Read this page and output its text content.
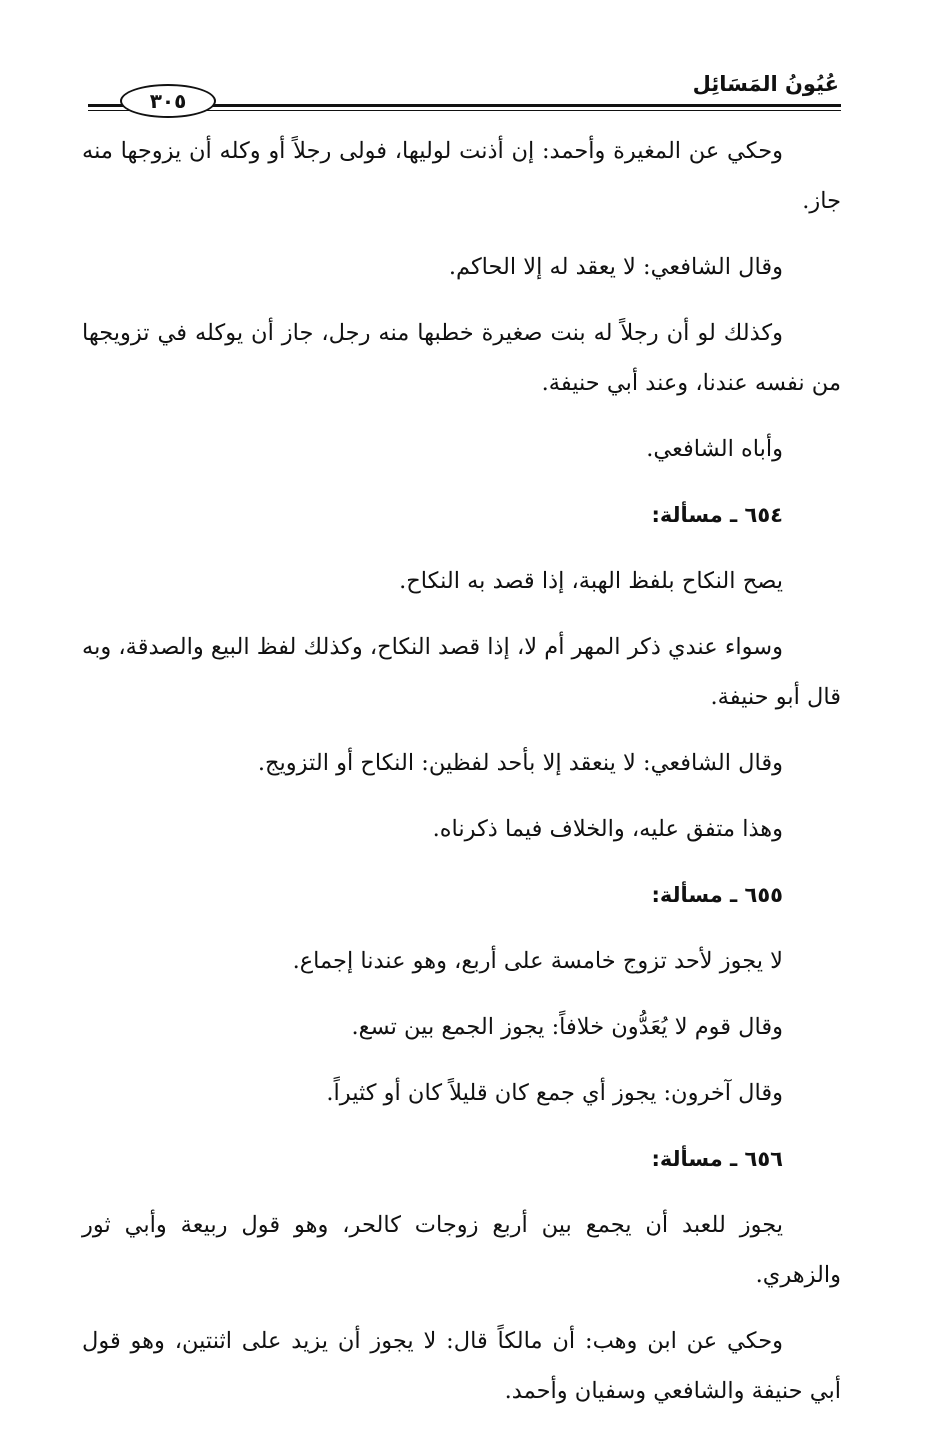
عُيُونُ المَسَائِل
٣٠٥

وحكي عن المغيرة وأحمد: إن أذنت لوليها، فولى رجلاً أو وكله أن يزوجها منه جاز.

وقال الشافعي: لا يعقد له إلا الحاكم.

وكذلك لو أن رجلاً له بنت صغيرة خطبها منه رجل، جاز أن يوكله في تزويجها من نفسه عندنا، وعند أبي حنيفة.

وأباه الشافعي.

٦٥٤ ـ مسألة:

يصح النكاح بلفظ الهبة، إذا قصد به النكاح.

وسواء عندي ذكر المهر أم لا، إذا قصد النكاح، وكذلك لفظ البيع والصدقة، وبه قال أبو حنيفة.

وقال الشافعي: لا ينعقد إلا بأحد لفظين: النكاح أو التزويج.

وهذا متفق عليه، والخلاف فيما ذكرناه.

٦٥٥ ـ مسألة:

لا يجوز لأحد تزوج خامسة على أربع، وهو عندنا إجماع.

وقال قوم لا يُعَدُّون خلافاً: يجوز الجمع بين تسع.

وقال آخرون: يجوز أي جمع كان قليلاً كان أو كثيراً.

٦٥٦ ـ مسألة:

يجوز للعبد أن يجمع بين أربع زوجات كالحر، وهو قول ربيعة وأبي ثور والزهري.

وحكي عن ابن وهب: أن مالكاً قال: لا يجوز أن يزيد على اثنتين، وهو قول أبي حنيفة والشافعي وسفيان وأحمد.
